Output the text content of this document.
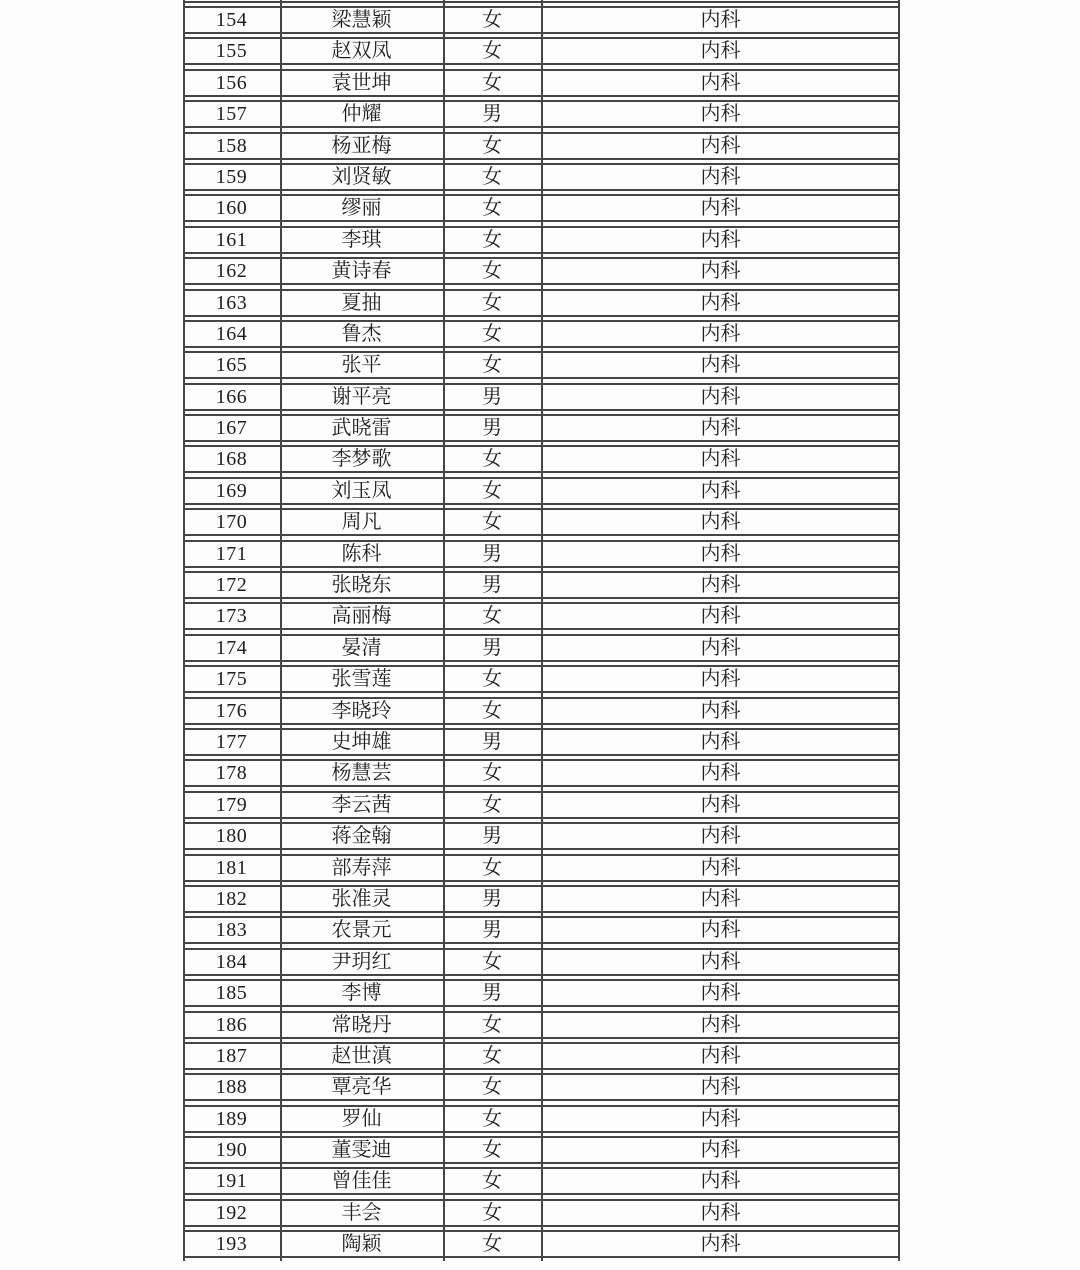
154	梁慧颖	女	内科
155	赵双凤	女	内科
156	袁世坤	女	内科
157	仲耀	男	内科
158	杨亚梅	女	内科
159	刘贤敏	女	内科
160	缪丽	女	内科
161	李琪	女	内科
162	黄诗春	女	内科
163	夏抽	女	内科
164	鲁杰	女	内科
165	张平	女	内科
166	谢平亮	男	内科
167	武晓雷	男	内科
168	李梦歌	女	内科
169	刘玉凤	女	内科
170	周凡	女	内科
171	陈科	男	内科
172	张晓东	男	内科
173	高丽梅	女	内科
174	晏清	男	内科
175	张雪莲	女	内科
176	李晓玲	女	内科
177	史坤雄	男	内科
178	杨慧芸	女	内科
179	李云茜	女	内科
180	蒋金翰	男	内科
181	部寿萍	女	内科
182	张准灵	男	内科
183	农景元	男	内科
184	尹玥红	女	内科
185	李博	男	内科
186	常晓丹	女	内科
187	赵世滇	女	内科
188	覃亮华	女	内科
189	罗仙	女	内科
190	董雯迪	女	内科
191	曾佳佳	女	内科
192	丰会	女	内科
193	陶颖	女	内科
